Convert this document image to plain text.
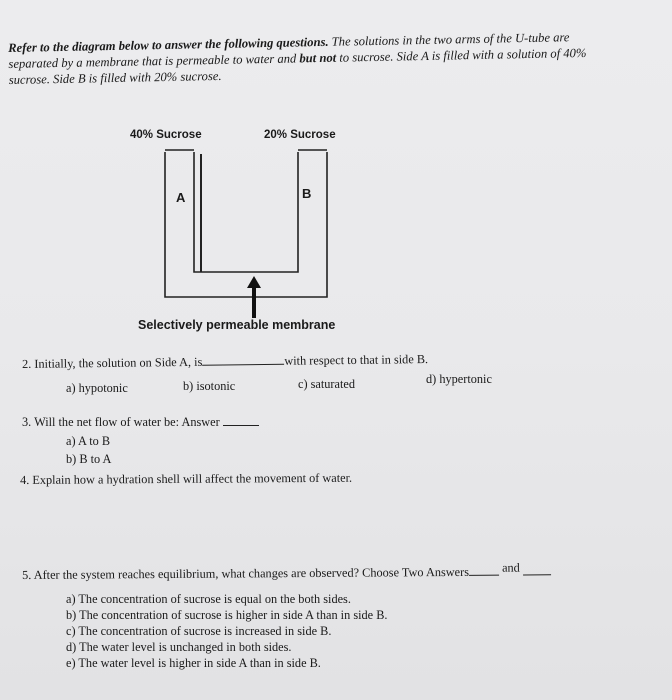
Refer to the diagram below to answer the following questions. The solutions in the two arms of the U-tube are
separated by a membrane that is permeable to water and but not to sucrose. Side A is filled with a solution of 40%
sucrose. Side B is filled with 20% sucrose.
40% Sucrose	20% Sucrose
A	B
Selectively permeable membrane
2. Initially, the solution on Side A, is	with respect to that in side B.
a) hypotonic	b) isotonic	c) saturated	d) hypertonic
3. Will the net flow of water be: Answer
a) A to B
b) B to A
4. Explain how a hydration shell will affect the movement of water.
5. After the system reaches equilibrium, what changes are observed? Choose Two Answers	and
a) The concentration of sucrose is equal on the both sides.
b) The concentration of sucrose is higher in side A than in side B.
c) The concentration of sucrose is increased in side B.
d) The water level is unchanged in both sides.
e) The water level is higher in side A than in side B.
